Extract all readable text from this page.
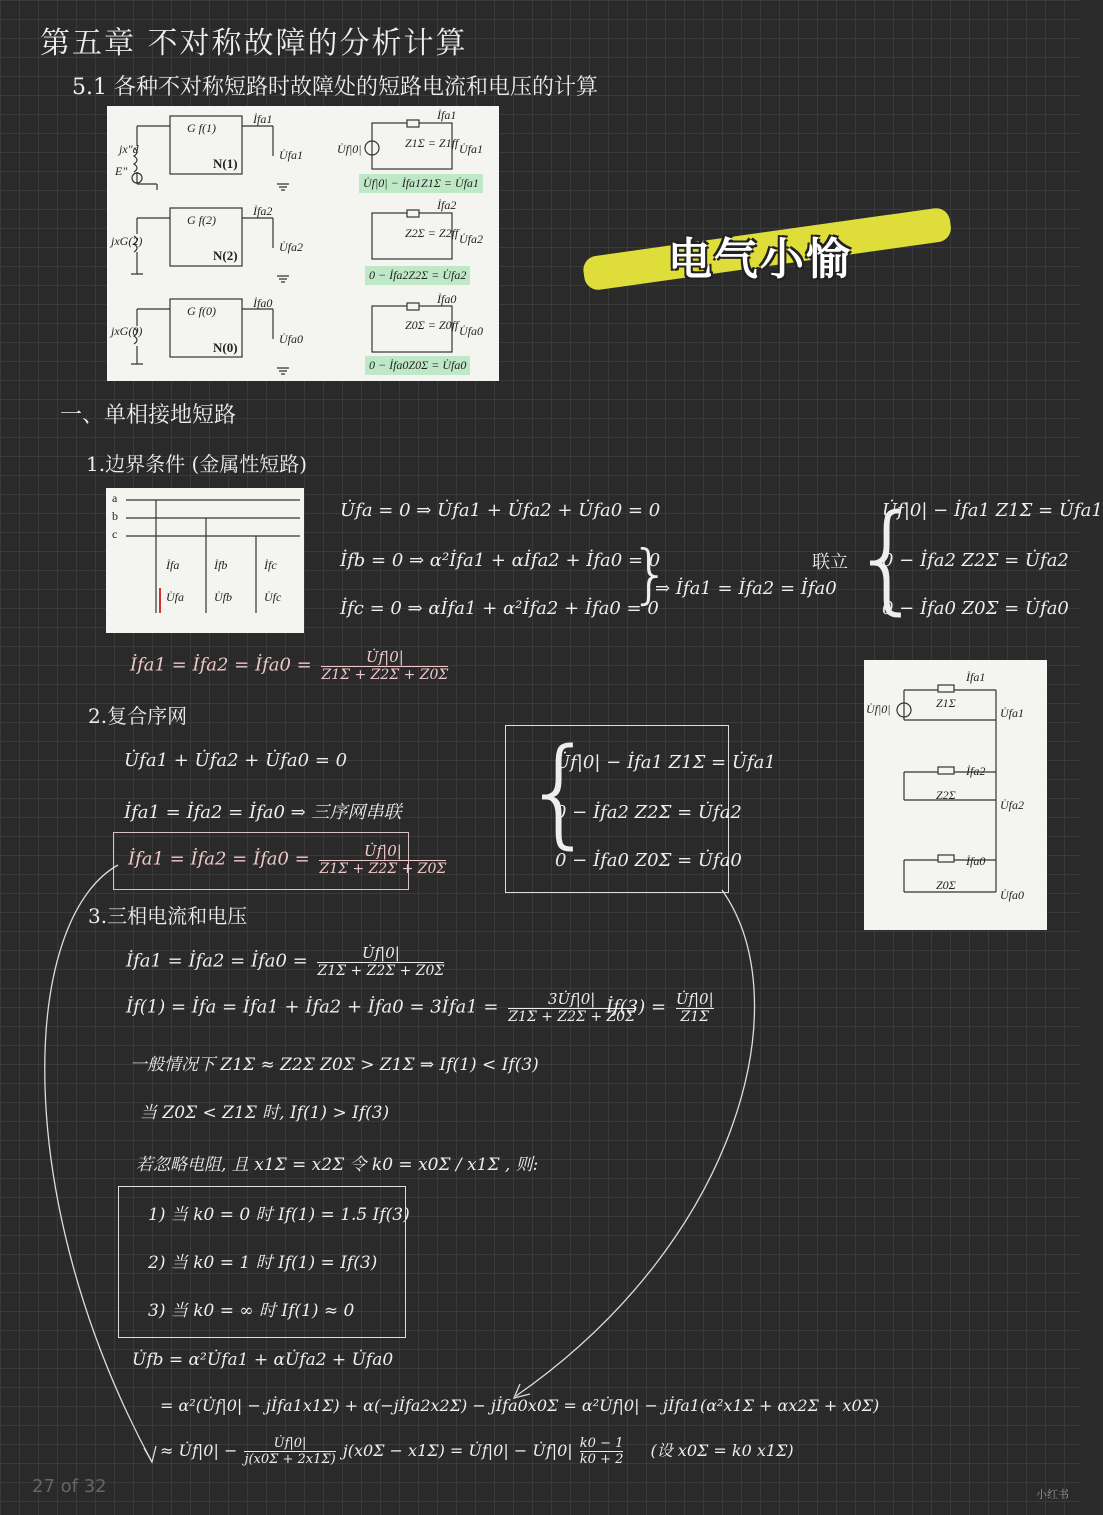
第五章 不对称故障的分析计算
5.1 各种不对称短路时故障处的短路电流和电压的计算
jx″d
E″
G f(1)
N(1)
İfa1
U̇fa1	U̇f|0|
İfa1
Z1Σ = Z1ff U̇fa1
U̇f|0| − İfa1Z1Σ = U̇fa1
jxG(2)
G f(2)
N(2)
İfa2
U̇fa2
İfa2
Z2Σ = Z2ff U̇fa2
0 − İfa2Z2Σ = U̇fa2
jxG(0)
G f(0)
N(0)
İfa0
U̇fa0
İfa0
Z0Σ = Z0ff U̇fa0
0 − İfa0Z0Σ = U̇fa0
电气小愉
一、单相接地短路
1.边界条件 (金属性短路)
a
b
c
İfa	İfb	İfc
U̇fa	U̇fb	U̇fc
U̇fa = 0 ⇒ U̇fa1 + U̇fa2 + U̇fa0 = 0
İfb = 0 ⇒ α²İfa1 + αİfa2 + İfa0 = 0
İfc = 0 ⇒ αİfa1 + α²İfa2 + İfa0 = 0
}
⇒ İfa1 = İfa2 = İfa0
联立 {
U̇f|0| − İfa1 Z1Σ = U̇fa1
0 − İfa2 Z2Σ = U̇fa2
0 − İfa0 Z0Σ = U̇fa0
İfa1 = İfa2 = İfa0 = $\frac{U̇f|0|}{Z1\Sigma + Z2\Sigma + Z0\Sigma}$
U̇f|0|
İfa1
Z1Σ
U̇fa1
İfa2
Z2Σ
U̇fa2
İfa0
Z0Σ
U̇fa0
2.复合序网
U̇fa1 + U̇fa2 + U̇fa0 = 0
İfa1 = İfa2 = İfa0 ⇒ 三序网串联
İfa1 = İfa2 = İfa0 = $\frac{U̇f|0|}{Z1\Sigma + Z2\Sigma + Z0\Sigma}$ {
U̇f|0| − İfa1 Z1Σ = U̇fa1
0 − İfa2 Z2Σ = U̇fa2
0 − İfa0 Z0Σ = U̇fa0
3.三相电流和电压
İfa1 = İfa2 = İfa0 = $\frac{U̇f|0|}{Z1\Sigma + Z2\Sigma + Z0\Sigma}$
İf(1) = İfa = İfa1 + İfa2 + İfa0 = 3İfa1 = $\frac{3U̇f|0|}{Z1\Sigma + Z2\Sigma + Z0\Sigma}$
İf(3) = $\frac{U̇f|0|}{Z1\Sigma}$
一般情况下 Z1Σ ≈ Z2Σ Z0Σ > Z1Σ ⇒ If(1) < If(3)
当 Z0Σ < Z1Σ 时, If(1) > If(3)
若忽略电阻, 且 x1Σ = x2Σ 令 k0 = x0Σ / x1Σ , 则:
1) 当 k0 = 0 时 If(1) = 1.5 If(3)
2) 当 k0 = 1 时 If(1) = If(3)
3) 当 k0 = ∞ 时 If(1) ≈ 0
U̇fb = α²U̇fa1 + αU̇fa2 + U̇fa0
= α²(U̇f|0| − jİfa1x1Σ) + α(−jİfa2x2Σ) − jİfa0x0Σ = α²U̇f|0| − jİfa1(α²x1Σ + αx2Σ + x0Σ)
≈ U̇f|0| − $\frac{U̇f|0|}{j(x0\Sigma + 2x1\Sigma)} j(x0\Sigma - x1\Sigma)$ = U̇f|0| − U̇f|0| $\frac{k0 - 1}{k0 + 2}$ (设 x0Σ = k0 x1Σ)
27 of 32	小红书
